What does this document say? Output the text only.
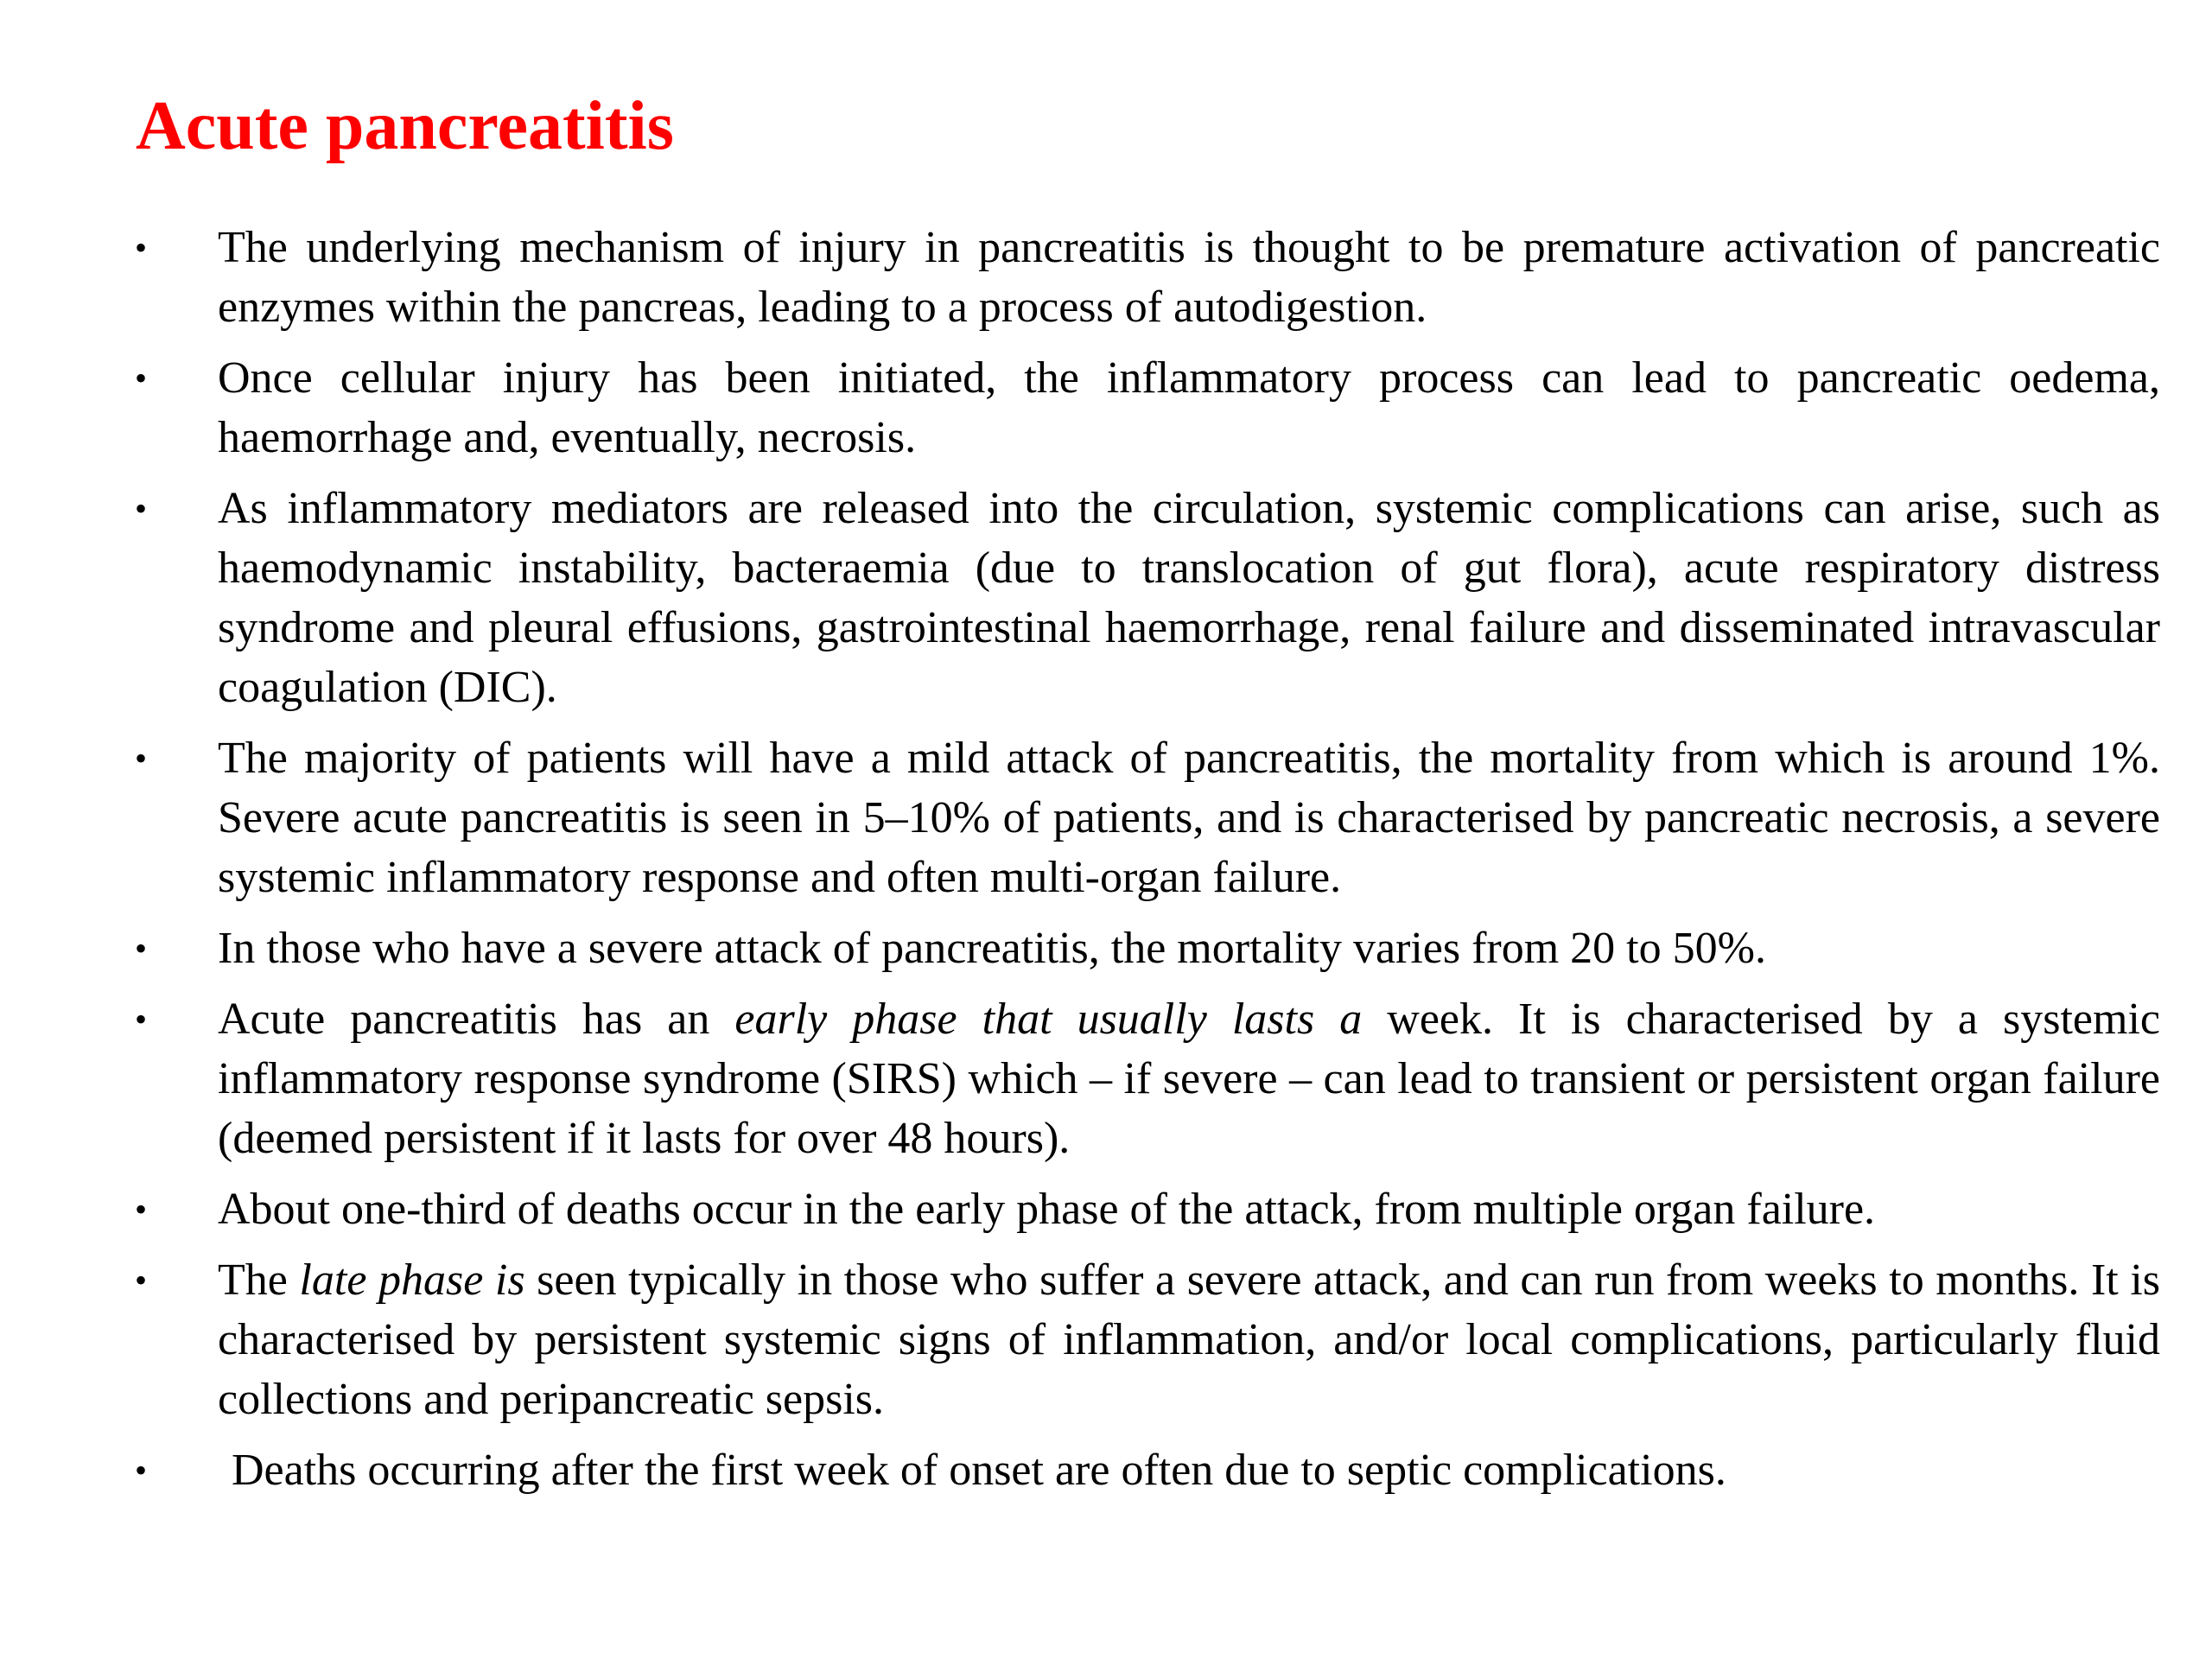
Acute pancreatitis
• The underlying mechanism of injury in pancreatitis is thought to be premature activation of pancreatic enzymes within the pancreas, leading to a process of autodigestion.
• Once cellular injury has been initiated, the inflammatory process can lead to pancreatic oedema, haemorrhage and, eventually, necrosis.
• As inflammatory mediators are released into the circulation, systemic complications can arise, such as haemodynamic instability, bacteraemia (due to translocation of gut flora), acute respiratory distress syndrome and pleural effusions, gastrointestinal haemorrhage, renal failure and disseminated intravascular coagulation (DIC).
• The majority of patients will have a mild attack of pancreatitis, the mortality from which is around 1%. Severe acute pancreatitis is seen in 5–10% of patients, and is characterised by pancreatic necrosis, a severe systemic inflammatory response and often multi-organ failure.
• In those who have a severe attack of pancreatitis, the mortality varies from 20 to 50%.
• Acute pancreatitis has an early phase that usually lasts a week. It is characterised by a systemic inflammatory response syndrome (SIRS) which – if severe – can lead to transient or persistent organ failure (deemed persistent if it lasts for over 48 hours).
• About one-third of deaths occur in the early phase of the attack, from multiple organ failure.
• The late phase is seen typically in those who suffer a severe attack, and can run from weeks to months. It is characterised by persistent systemic signs of inflammation, and/or local complications, particularly fluid collections and peripancreatic sepsis.
• Deaths occurring after the first week of onset are often due to septic complications.
